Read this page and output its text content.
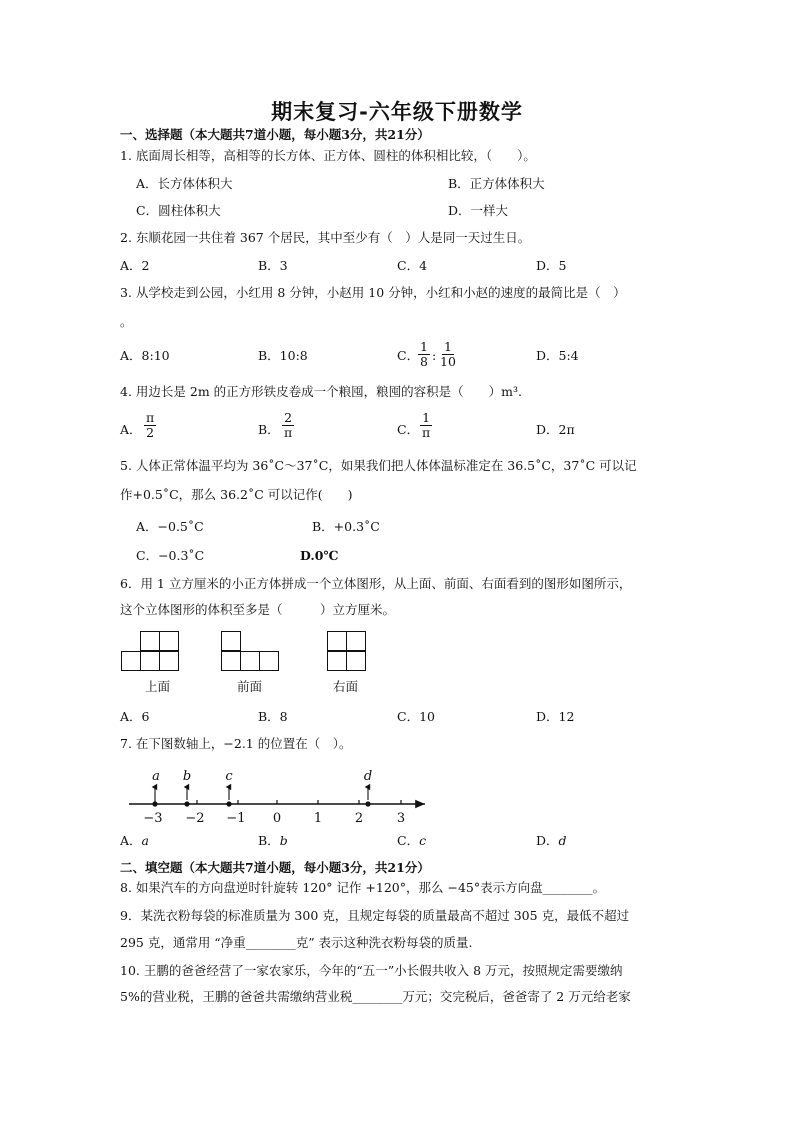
期末复习-六年级下册数学
一、选择题（本大题共7道小题，每小题3分，共21分）
1. 底面周长相等，高相等的长方体、正方体、圆柱的体积相比较，（　　）。
A．长方体体积大	B．正方体体积大
C．圆柱体积大	D．一样大
2. 东顺花园一共住着 367 个居民，其中至少有（　）人是同一天过生日。
A．2	B．3	C．4	D．5
3. 从学校走到公园，小红用 8 分钟，小赵用 10 分钟，小红和小赵的速度的最简比是（　）
。
A．8:10	B．10:8	C．
$\frac{1}{8}$ : $\frac{1}{10}$	D．5:4
4. 用边长是 2m 的正方形铁皮卷成一个粮囤，粮囤的容积是（　　）m³.
A． $\frac{\pi}{2}$	B． $\frac{2}{\pi}$	C． $\frac{1}{\pi}$	D．2π
5. 人体正常体温平均为 36˚C～37˚C，如果我们把人体体温标准定在 36.5˚C，37˚C 可以记
作+0.5˚C，那么 36.2˚C 可以记作(　　)
A．−0.5˚C	B．+0.3˚C
C．−0.3˚C	D.0℃
6．用 1 立方厘米的小正方体拼成一个立体图形，从上面、前面、右面看到的图形如图所示，
这个立体图形的体积至多是（　　　）立方厘米。
上面	前面	右面
A．6	B．8	C．10	D．12
7. 在下图数轴上，−2.1 的位置在（　）。
a b	c	d
−3 −2 −1 0	1	2	3
A．a	B．b	C．c	D．d
二、填空题（本大题共7道小题，每小题3分，共21分）
8. 如果汽车的方向盘逆时针旋转 120° 记作 +120°，那么 −45°表示方向盘________。
9．某洗衣粉每袋的标准质量为 300 克，且规定每袋的质量最高不超过 305 克，最低不超过
295 克，通常用 “净重________克” 表示这种洗衣粉每袋的质量.
10. 王鹏的爸爸经营了一家农家乐，今年的“五一”小长假共收入 8 万元，按照规定需要缴纳
5%的营业税，王鹏的爸爸共需缴纳营业税________万元；交完税后，爸爸寄了 2 万元给老家
